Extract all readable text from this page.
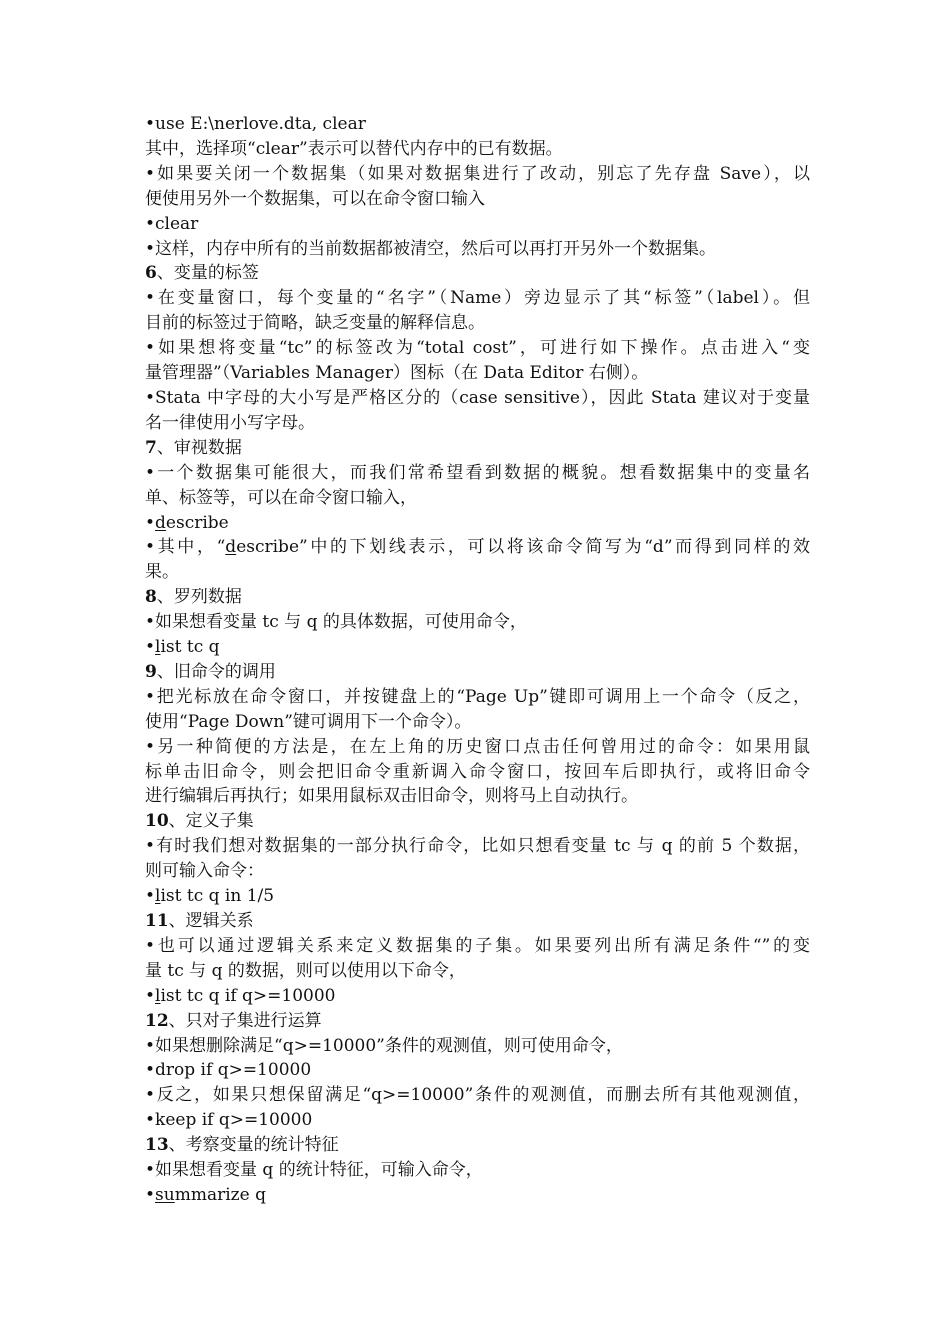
•use E:\nerlove.dta, clear
其中，选择项“clear”表示可以替代内存中的已有数据。
•如果要关闭一个数据集（如果对数据集进行了改动，别忘了先存盘 Save），以
便使用另外一个数据集，可以在命令窗口输入
•clear
•这样，内存中所有的当前数据都被清空，然后可以再打开另外一个数据集。
6、变量的标签
•在变量窗口，每个变量的“名字”（Name）旁边显示了其“标签”（label）。但
目前的标签过于简略，缺乏变量的解释信息。
•如果想将变量“tc”的标签改为“total cost”，可进行如下操作。点击进入“变
量管理器”（Variables Manager）图标（在 Data Editor 右侧）。
•Stata 中字母的大小写是严格区分的（case sensitive），因此 Stata 建议对于变量
名一律使用小写字母。
7、审视数据
•一个数据集可能很大，而我们常希望看到数据的概貌。想看数据集中的变量名
单、标签等，可以在命令窗口输入，
•describe
•其中，“describe”中的下划线表示，可以将该命令简写为“d”而得到同样的效
果。
8、罗列数据
•如果想看变量 tc 与 q 的具体数据，可使用命令，
•list tc q
9、旧命令的调用
•把光标放在命令窗口，并按键盘上的“Page Up”键即可调用上一个命令（反之，
使用“Page Down”键可调用下一个命令）。
•另一种简便的方法是，在左上角的历史窗口点击任何曾用过的命令：如果用鼠
标单击旧命令，则会把旧命令重新调入命令窗口，按回车后即执行，或将旧命令
进行编辑后再执行；如果用鼠标双击旧命令，则将马上自动执行。
10、定义子集
•有时我们想对数据集的一部分执行命令，比如只想看变量 tc 与 q 的前 5 个数据，
则可输入命令：
•list tc q in 1/5
11、逻辑关系
•也可以通过逻辑关系来定义数据集的子集。如果要列出所有满足条件“”的变
量 tc 与 q 的数据，则可以使用以下命令，
•list tc q if q>=10000
12、只对子集进行运算
•如果想删除满足“q>=10000”条件的观测值，则可使用命令，
•drop if q>=10000
•反之，如果只想保留满足“q>=10000”条件的观测值，而删去所有其他观测值，
•keep if q>=10000
13、考察变量的统计特征
•如果想看变量 q 的统计特征，可输入命令，
•summarize q
